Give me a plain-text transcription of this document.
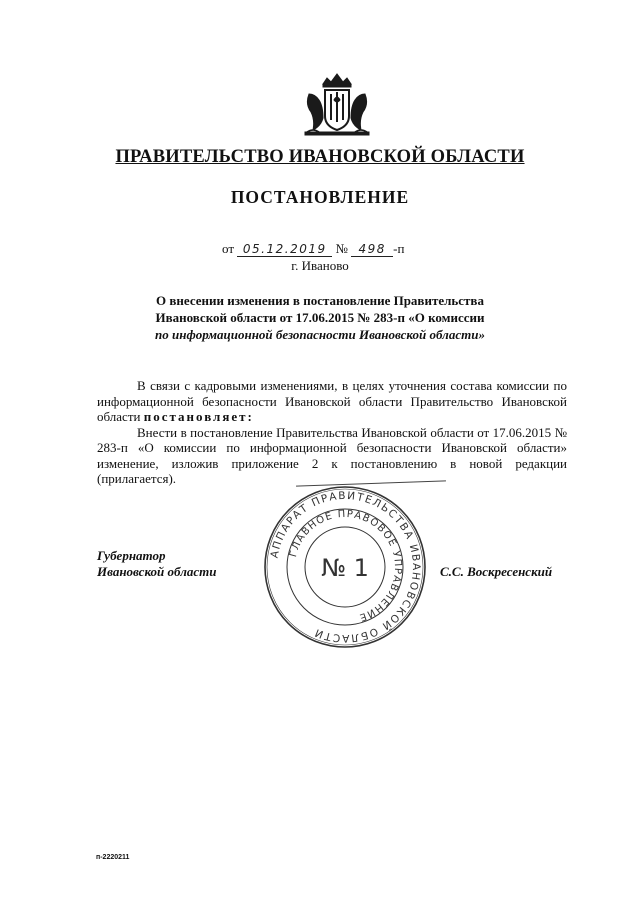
ПРАВИТЕЛЬСТВО ИВАНОВСКОЙ ОБЛАСТИ
ПОСТАНОВЛЕНИЕ
от 05.12.2019 № 498 -п
г. Иваново
О внесении изменения в постановление Правительства
Ивановской области от 17.06.2015 № 283-п «О комиссии
по информационной безопасности Ивановской области»

В связи с кадровыми изменениями, в целях уточнения состава комиссии по информационной безопасности Ивановской области Правительство Ивановской области постановляет:

Внести в постановление Правительства Ивановской области от 17.06.2015 № 283-п «О комиссии по информационной безопасности Ивановской области» изменение, изложив приложение 2 к постановлению в новой редакции (прилагается).

АППАРАТ ПРАВИТЕЛЬСТВА ИВАНОВСКОЙ ОБЛАСТИ
ГЛАВНОЕ ПРАВОВОЕ УПРАВЛЕНИЕ
№ 1
Губернатор
Ивановской области	С.С. Воскресенский
п-2220211
